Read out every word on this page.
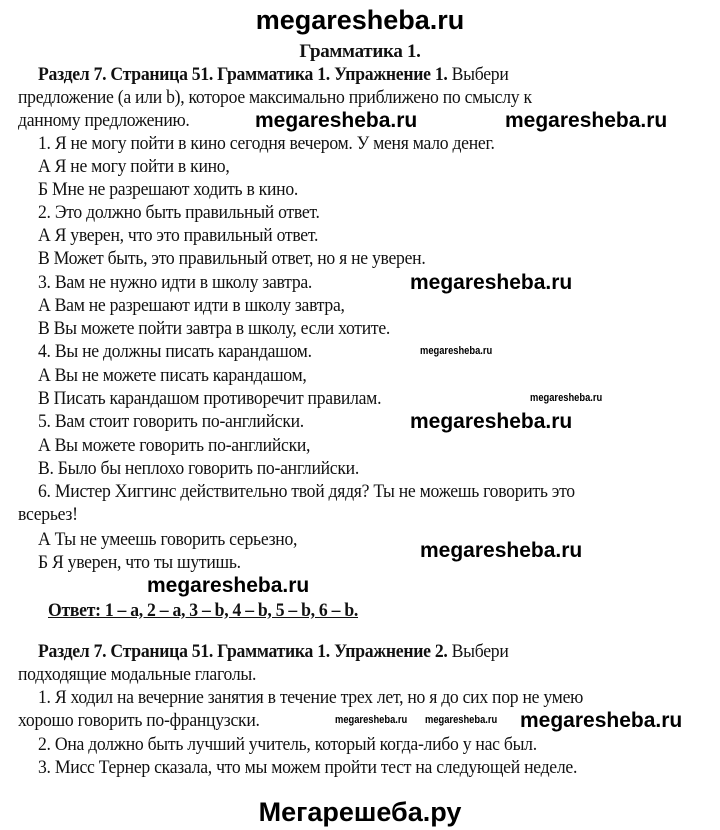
megaresheba.ru
Грамматика 1.
Раздел 7. Страница 51. Грамматика 1. Упражнение 1. Выбери
предложение (а или b), которое максимально приближено по смыслу к
данному предложению.
1. Я не могу пойти в кино сегодня вечером. У меня мало денег.
А Я не могу пойти в кино,
Б Мне не разрешают ходить в кино.
2. Это должно быть правильный ответ.
А Я уверен, что это правильный ответ.
В Может быть, это правильный ответ, но я не уверен.
3. Вам не нужно идти в школу завтра.
А Вам не разрешают идти в школу завтра,
В Вы можете пойти завтра в школу, если хотите.
4. Вы не должны писать карандашом.
А Вы не можете писать карандашом,
В Писать карандашом противоречит правилам.
5. Вам стоит говорить по-английски.
А Вы можете говорить по-английски,
В. Было бы неплохо говорить по-английски.
6. Мистер Хиггинс действительно твой дядя? Ты не можешь говорить это
всерьез!
А Ты не умеешь говорить серьезно,
Б Я уверен, что ты шутишь.
Ответ: 1 – a, 2 – a, 3 – b, 4 – b, 5 – b, 6 – b.
Раздел 7. Страница 51. Грамматика 1. Упражнение 2. Выбери
подходящие модальные глаголы.
1. Я ходил на вечерние занятия в течение трех лет, но я до сих пор не умею
хорошо говорить по-французски.
2. Она должно быть лучший учитель, который когда-либо у нас был.
3. Мисс Тернер сказала, что мы можем пройти тест на следующей неделе.
megaresheba.ru	megaresheba.ru
megaresheba.ru
megaresheba.ru
megaresheba.ru
megaresheba.ru
megaresheba.ru
megaresheba.ru
megaresheba.ru megaresheba.ru megaresheba.ru
Мегарешеба.ру
